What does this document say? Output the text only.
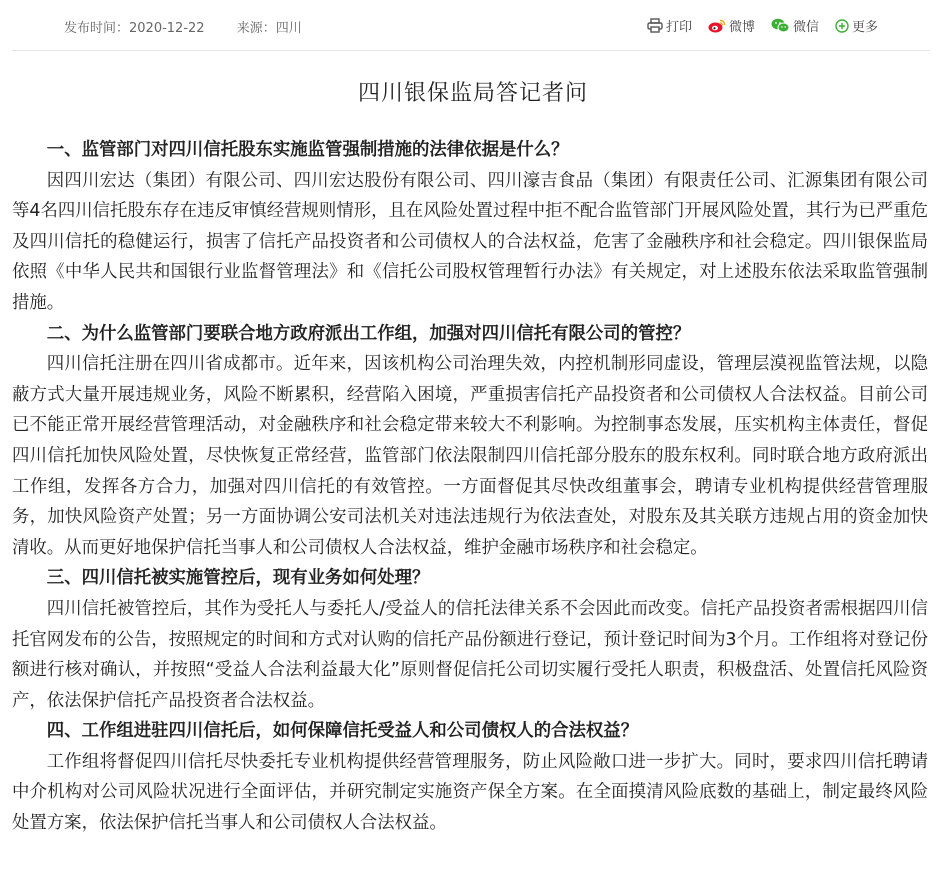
发布时间：2020-12-22 来源：四川	打印	微博	微信	更多
四川银保监局答记者问

一、监管部门对四川信托股东实施监管强制措施的法律依据是什么？

因四川宏达（集团）有限公司、四川宏达股份有限公司、四川濠吉食品（集团）有限责任公司、汇源集团有限公司等4名四川信托股东存在违反审慎经营规则情形，且在风险处置过程中拒不配合监管部门开展风险处置，其行为已严重危及四川信托的稳健运行，损害了信托产品投资者和公司债权人的合法权益，危害了金融秩序和社会稳定。四川银保监局依照《中华人民共和国银行业监督管理法》和《信托公司股权管理暂行办法》有关规定，对上述股东依法采取监管强制措施。

二、为什么监管部门要联合地方政府派出工作组，加强对四川信托有限公司的管控？

四川信托注册在四川省成都市。近年来，因该机构公司治理失效，内控机制形同虚设，管理层漠视监管法规，以隐蔽方式大量开展违规业务，风险不断累积，经营陷入困境，严重损害信托产品投资者和公司债权人合法权益。目前公司已不能正常开展经营管理活动，对金融秩序和社会稳定带来较大不利影响。为控制事态发展，压实机构主体责任，督促四川信托加快风险处置，尽快恢复正常经营，监管部门依法限制四川信托部分股东的股东权利。同时联合地方政府派出工作组，发挥各方合力，加强对四川信托的有效管控。一方面督促其尽快改组董事会，聘请专业机构提供经营管理服务，加快风险资产处置；另一方面协调公安司法机关对违法违规行为依法查处，对股东及其关联方违规占用的资金加快清收。从而更好地保护信托当事人和公司债权人合法权益，维护金融市场秩序和社会稳定。

三、四川信托被实施管控后，现有业务如何处理？

四川信托被管控后，其作为受托人与委托人/受益人的信托法律关系不会因此而改变。信托产品投资者需根据四川信托官网发布的公告，按照规定的时间和方式对认购的信托产品份额进行登记，预计登记时间为3个月。工作组将对登记份额进行核对确认，并按照“受益人合法利益最大化”原则督促信托公司切实履行受托人职责，积极盘活、处置信托风险资产，依法保护信托产品投资者合法权益。

四、工作组进驻四川信托后，如何保障信托受益人和公司债权人的合法权益？

工作组将督促四川信托尽快委托专业机构提供经营管理服务，防止风险敞口进一步扩大。同时，要求四川信托聘请中介机构对公司风险状况进行全面评估，并研究制定实施资产保全方案。在全面摸清风险底数的基础上，制定最终风险处置方案，依法保护信托当事人和公司债权人合法权益。
